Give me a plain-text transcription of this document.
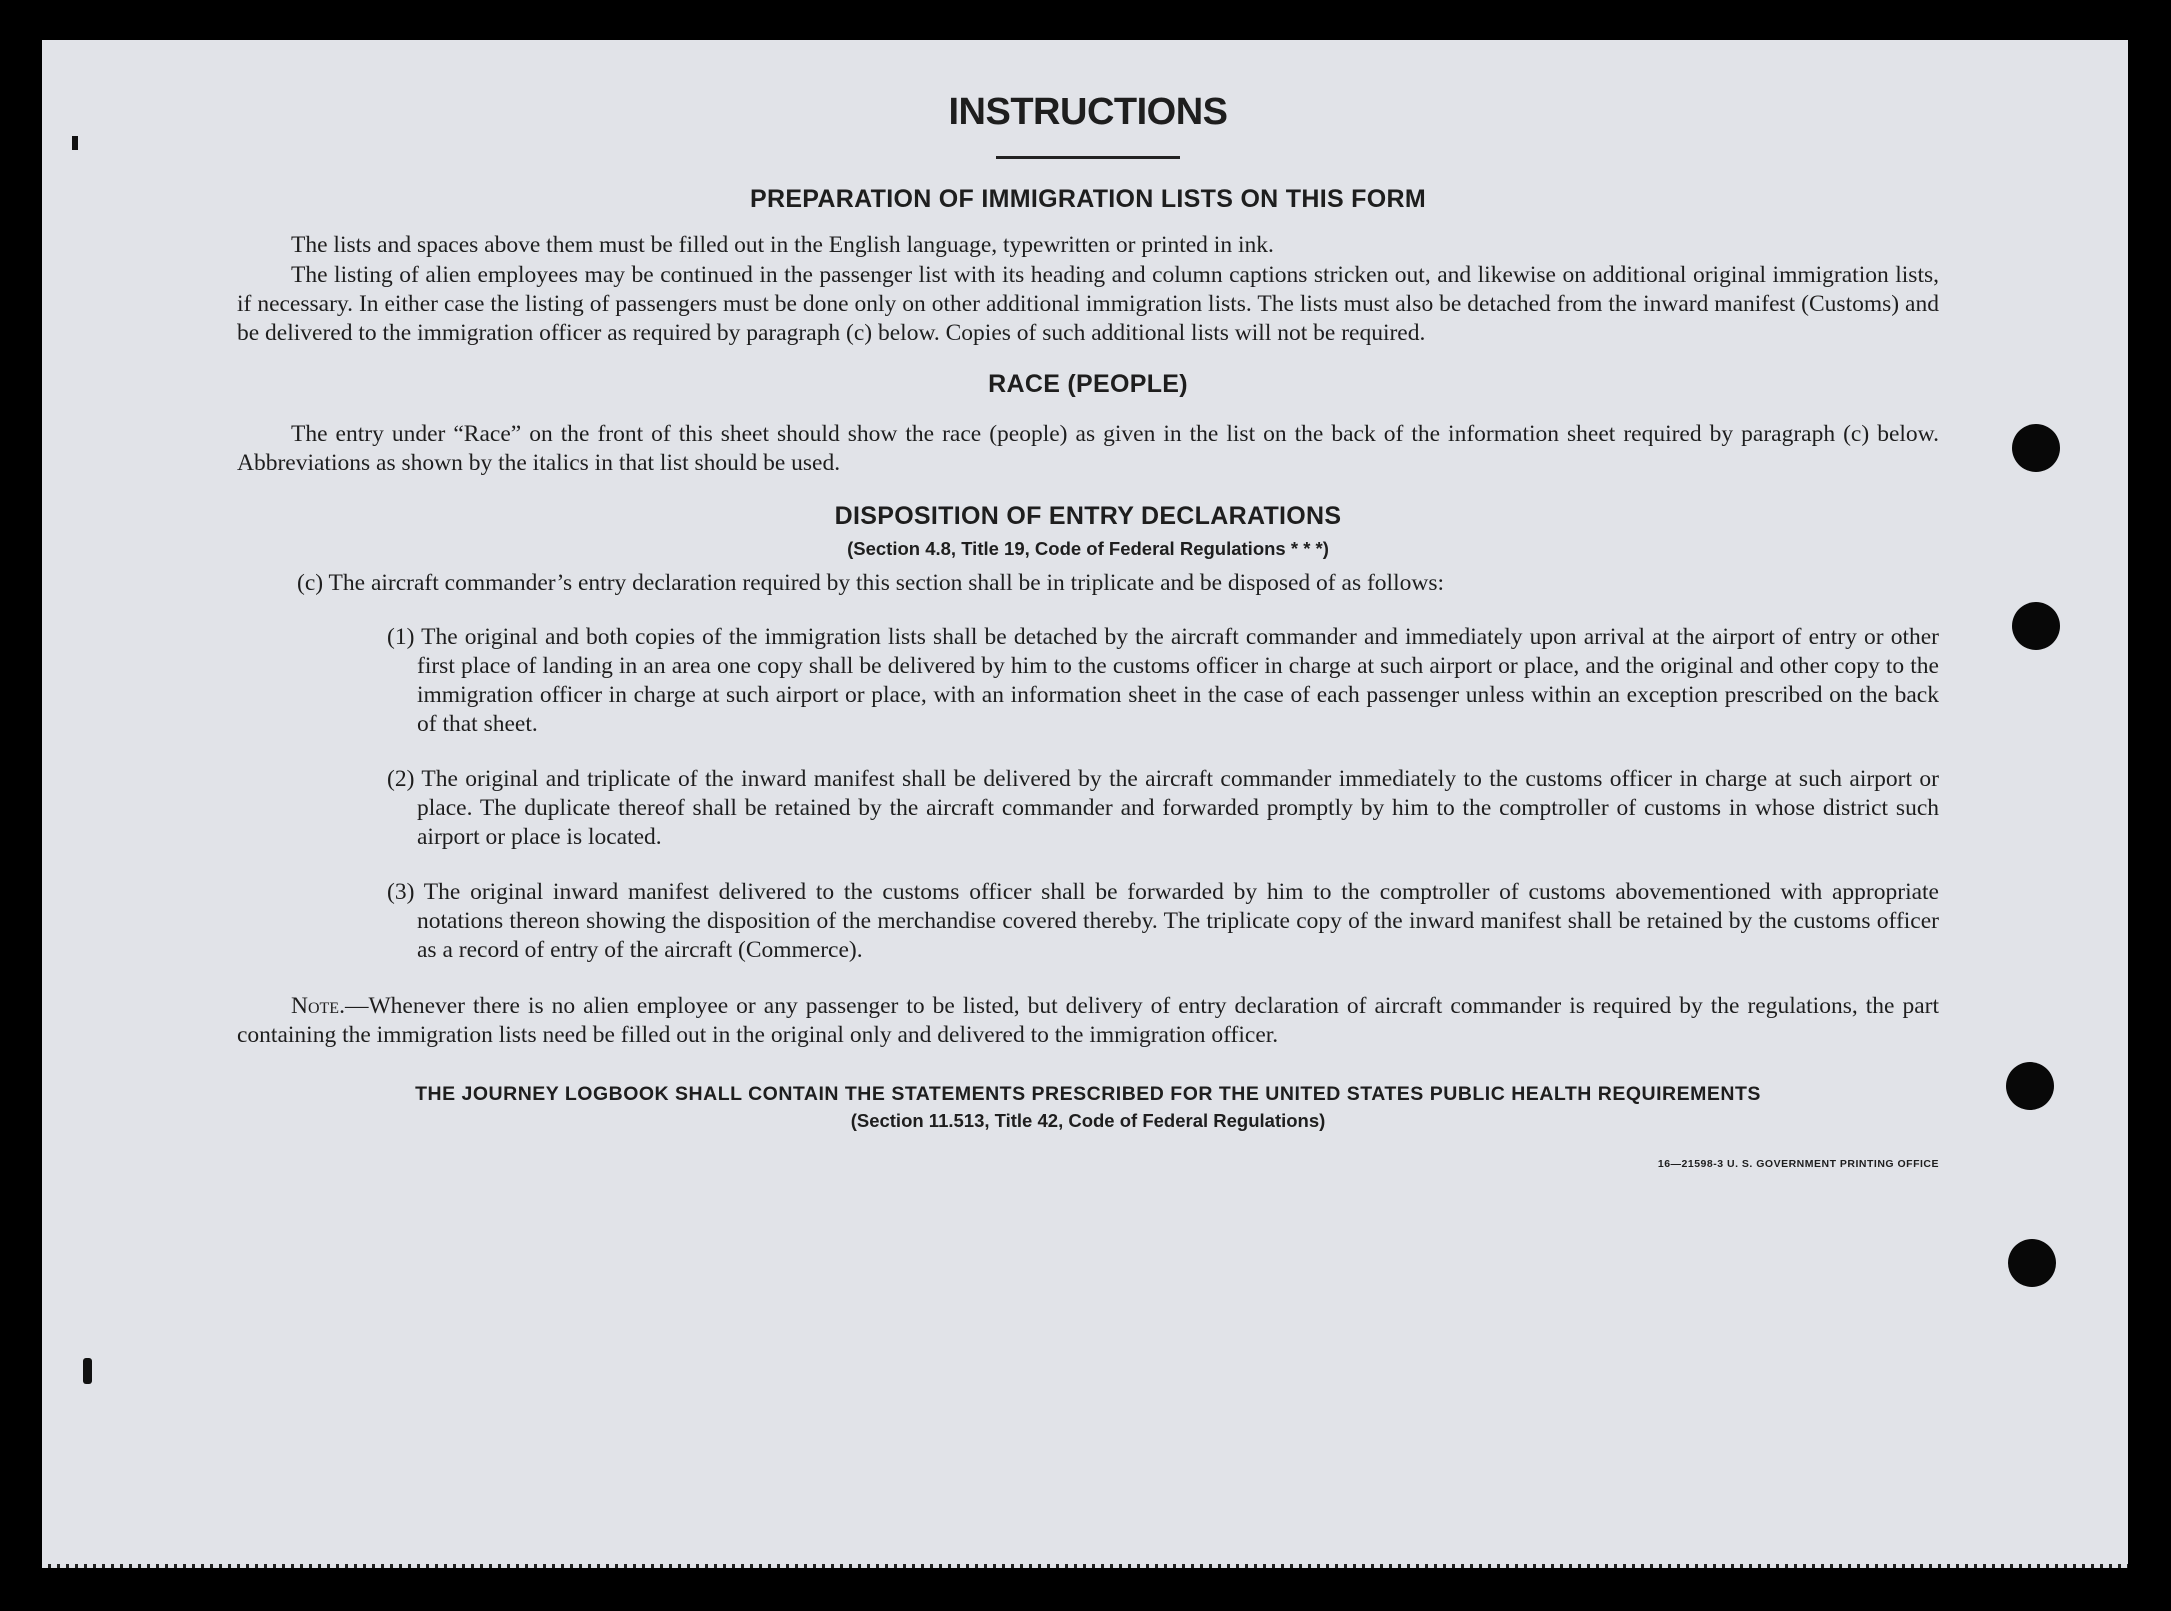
INSTRUCTIONS
PREPARATION OF IMMIGRATION LISTS ON THIS FORM

The lists and spaces above them must be filled out in the English language, typewritten or printed in ink.

The listing of alien employees may be continued in the passenger list with its heading and column captions stricken out, and likewise on additional original immigration lists, if necessary. In either case the listing of passengers must be done only on other additional immigration lists. The lists must also be detached from the inward manifest (Customs) and be delivered to the immigration officer as required by paragraph (c) below. Copies of such additional lists will not be required.

RACE (PEOPLE)

The entry under “Race” on the front of this sheet should show the race (people) as given in the list on the back of the information sheet required by paragraph (c) below. Abbreviations as shown by the italics in that list should be used.

DISPOSITION OF ENTRY DECLARATIONS
(Section 4.8, Title 19, Code of Federal Regulations * * *)

(c) The aircraft commander’s entry declaration required by this section shall be in triplicate and be disposed of as follows:

(1) The original and both copies of the immigration lists shall be detached by the aircraft commander and immediately upon arrival at the airport of entry or other first place of landing in an area one copy shall be delivered by him to the customs officer in charge at such airport or place, and the original and other copy to the immigration officer in charge at such airport or place, with an information sheet in the case of each passenger unless within an exception prescribed on the back of that sheet.

(2) The original and triplicate of the inward manifest shall be delivered by the aircraft commander immediately to the customs officer in charge at such airport or place. The duplicate thereof shall be retained by the aircraft commander and forwarded promptly by him to the comptroller of customs in whose district such airport or place is located.

(3) The original inward manifest delivered to the customs officer shall be forwarded by him to the comptroller of customs abovementioned with appropriate notations thereon showing the disposition of the merchandise covered thereby. The triplicate copy of the inward manifest shall be retained by the customs officer as a record of entry of the aircraft (Commerce).

Note.—Whenever there is no alien employee or any passenger to be listed, but delivery of entry declaration of aircraft commander is required by the regulations, the part containing the immigration lists need be filled out in the original only and delivered to the immigration officer.

THE JOURNEY LOGBOOK SHALL CONTAIN THE STATEMENTS PRESCRIBED FOR THE UNITED STATES PUBLIC HEALTH REQUIREMENTS
(Section 11.513, Title 42, Code of Federal Regulations)
16—21598-3 U. S. GOVERNMENT PRINTING OFFICE
